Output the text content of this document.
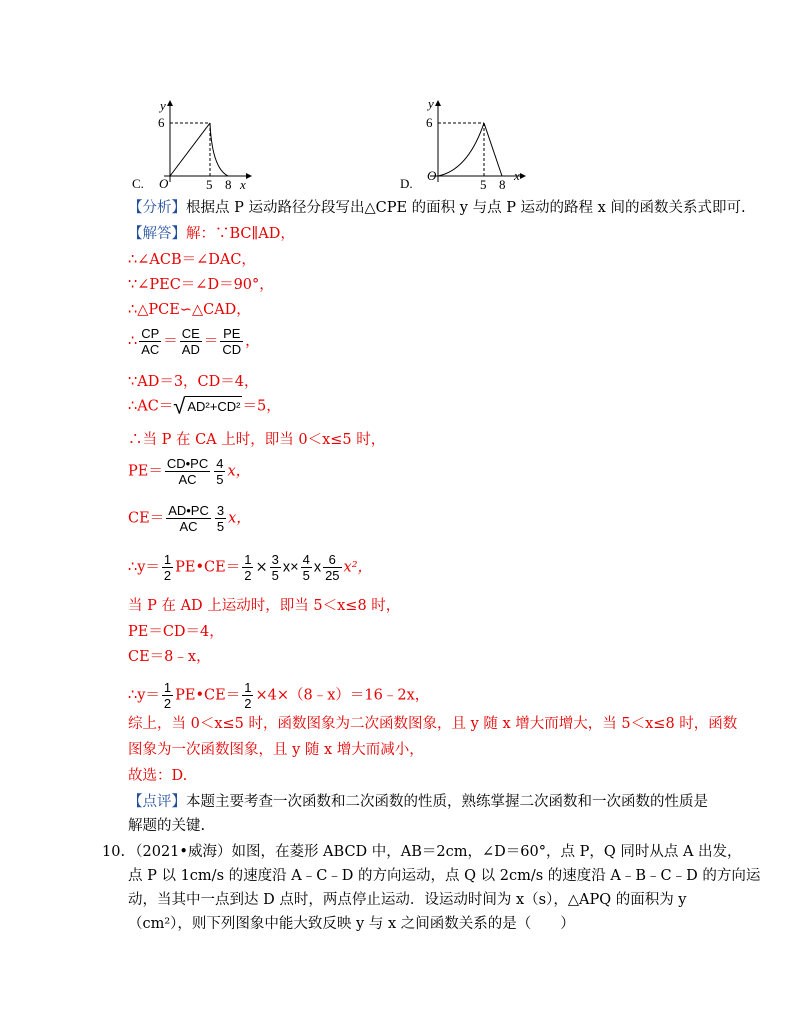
y
6
O	5 8 x
C.
y
6
O
5 8
x
D.
【分析】根据点 P 运动路径分段写出△CPE 的面积 y 与点 P 运动的路程 x 间的函数关系式即可.
【解答】解：∵BC∥AD，
∴∠ACB＝∠DAC，
∵∠PEC＝∠D＝90°，
∴△PCE∽△CAD，
∴ $\frac{CP}{AC} = \frac{CE}{AD} = \frac{PE}{CD}$ ，
∵AD＝3，CD＝4，
∴AC＝√ AD²+CD² ＝5，
∴当 P 在 CA 上时，即当 0＜x≤5 时，
$PE= \frac{CD•PC}{AC} \frac{4}{5}$ x，
$CE= \frac{AD•PC}{AC} \frac{3}{5}$ x，
∴y＝ $\frac{1}{2}$ PE•CE＝ $\frac{1}{2} \times \frac{3}{5} x\times \frac{4}{5}$ x $\frac{6}{25} x^2$，
当 P 在 AD 上运动时，即当 5＜x≤8 时，
PE＝CD＝4，
CE＝8﹣x，
∴y＝ $\frac{1}{2}$ PE•CE＝ $\frac{1}{2}$ ×4×（8﹣x）＝16﹣2x，
综上，当 0＜x≤5 时，函数图象为二次函数图象，且 y 随 x 增大而增大，当 5＜x≤8 时，函数
图象为一次函数图象，且 y 随 x 增大而减小，
故选：D.
【点评】本题主要考查一次函数和二次函数的性质，熟练掌握二次函数和一次函数的性质是
解题的关键.
10. （2021•威海）如图，在菱形 ABCD 中，AB＝2cm，∠D＝60°，点 P，Q 同时从点 A 出发，
点 P 以 1cm/s 的速度沿 A﹣C﹣D 的方向运动，点 Q 以 2cm/s 的速度沿 A﹣B﹣C﹣D 的方向运
动，当其中一点到达 D 点时，两点停止运动．设运动时间为 x（s），△APQ 的面积为 y
（cm²），则下列图象中能大致反映 y 与 x 之间函数关系的是（　　）
